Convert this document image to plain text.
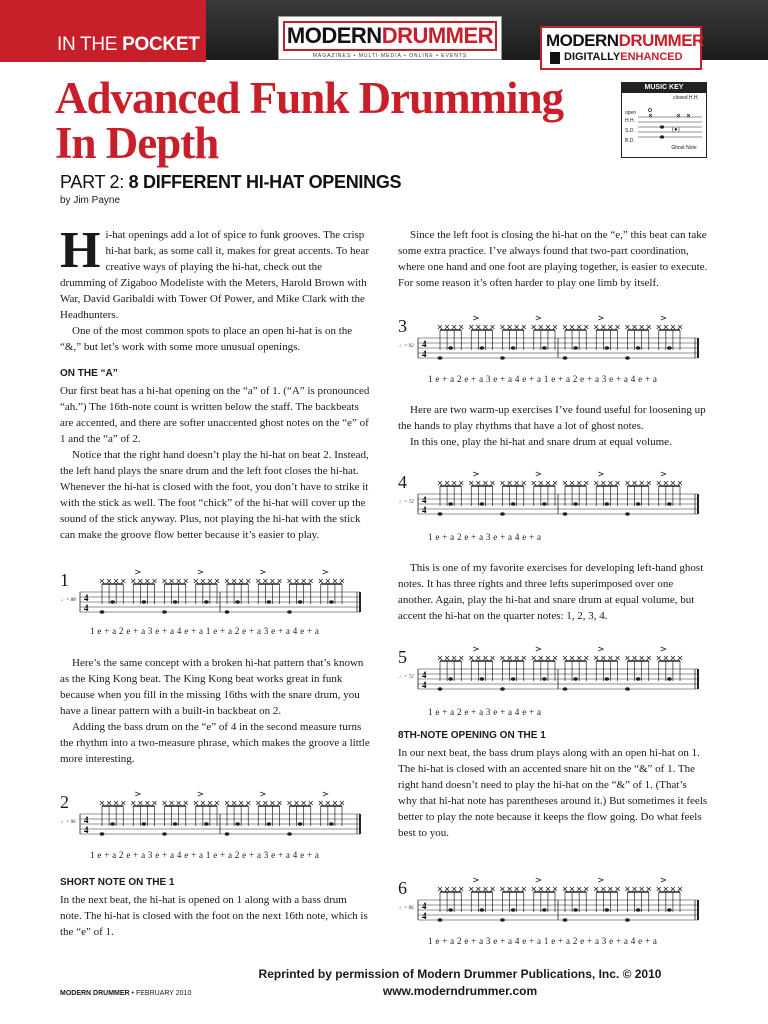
IN THE POCKET	MODERNDRUMMER
MAGAZINES • MULTI-MEDIA • ONLINE • EVENTS
MODERNDRUMMER
DIGITALLYENHANCED
Advanced Funk Drumming In Depth
PART 2: 8 DIFFERENT HI-HAT OPENINGS
by Jim Payne
MUSIC KEY
closed H.H.
open
H.H.
S.D.
B.D.
Ghost Note
(●)

Hi-hat openings add a lot of spice to funk grooves. The crisp hi-hat bark, as some call it, makes for great accents. To hear creative ways of playing the hi-hat, check out the drumming of Zigaboo Modeliste with the Meters, Harold Brown with War, David Garibaldi with Tower Of Power, and Mike Clark with the Headhunters.

One of the most common spots to place an open hi-hat is on the “&,” but let’s work with some more unusual openings.

ON THE “A”

Our first beat has a hi-hat opening on the “a” of 1. (“A” is pronounced “ah.”) The 16th-note count is written below the staff. The backbeats are accented, and there are softer unaccented ghost notes on the “e” of 1 and the “a” of 2.

Notice that the right hand doesn’t play the hi-hat on beat 2. Instead, the left hand plays the snare drum and the left foot closes the hi-hat. Whenever the hi-hat is closed with the foot, you don’t have to strike it with the stick as well. The foot “chick” of the hi-hat will cover up the sound of the stick anyway. Plus, not playing the hi-hat with the stick can make the groove flow better because it’s easier to play.

Here’s the same concept with a broken hi-hat pattern that’s known as the King Kong beat. The King Kong beat works great in funk because when you fill in the missing 16ths with the snare drum, you have a linear pattern with a built-in backbeat on 2.

Adding the bass drum on the “e” of 4 in the second measure turns the rhythm into a two-measure phrase, which makes the groove a little more interesting.

SHORT NOTE ON THE 1

In the next beat, the hi-hat is opened on 1 along with a bass drum note. The hi-hat is closed with the foot on the next 16th note, which is the “e” of 1.

Since the left foot is closing the hi-hat on the “e,” this beat can take some extra practice. I’ve always found that two-part coordination, where one hand and one foot are playing together, is easier to execute. For some reason it’s often harder to play one limb by itself.

Here are two warm-up exercises I’ve found useful for loosening up the hands to play rhythms that have a lot of ghost notes.

In this one, play the hi-hat and snare drum at equal volume.

This is one of my favorite exercises for developing left-hand ghost notes. It has three rights and three lefts superimposed over one another. Again, play the hi-hat and snare drum at equal volume, but accent the hi-hat on the quarter notes: 1, 2, 3, 4.

8TH-NOTE OPENING ON THE 1

In our next beat, the bass drum plays along with an open hi-hat on 1. The hi-hat is closed with an accented snare hit on the “&” of 1. The right hand doesn’t need to play the hi-hat on the “&” of 1. (That’s why that hi-hat note has parentheses around it.) But sometimes it feels better to play the note because it keeps the flow going. Do what feels best to you.

4
4
1
♩= 88
1 e + a 2 e + a 3 e + a 4 e + a 1 e + a 2 e + a 3 e + a 4 e + a
4
4
2
♩= 96
1 e + a 2 e + a 3 e + a 4 e + a 1 e + a 2 e + a 3 e + a 4 e + a
4
4
3
♩= 92
1 e + a 2 e + a 3 e + a 4 e + a 1 e + a 2 e + a 3 e + a 4 e + a
4
4
4
♩= 72
1 e + a 2 e + a 3 e + a 4 e + a
4
4
5
♩= 72
1 e + a 2 e + a 3 e + a 4 e + a
4
4
6
♩= 96
1 e + a 2 e + a 3 e + a 4 e + a 1 e + a 2 e + a 3 e + a 4 e + a
Reprinted by permission of Modern Drummer Publications, Inc. © 2010
www.moderndrummer.com
MODERN DRUMMER • FEBRUARY 2010
